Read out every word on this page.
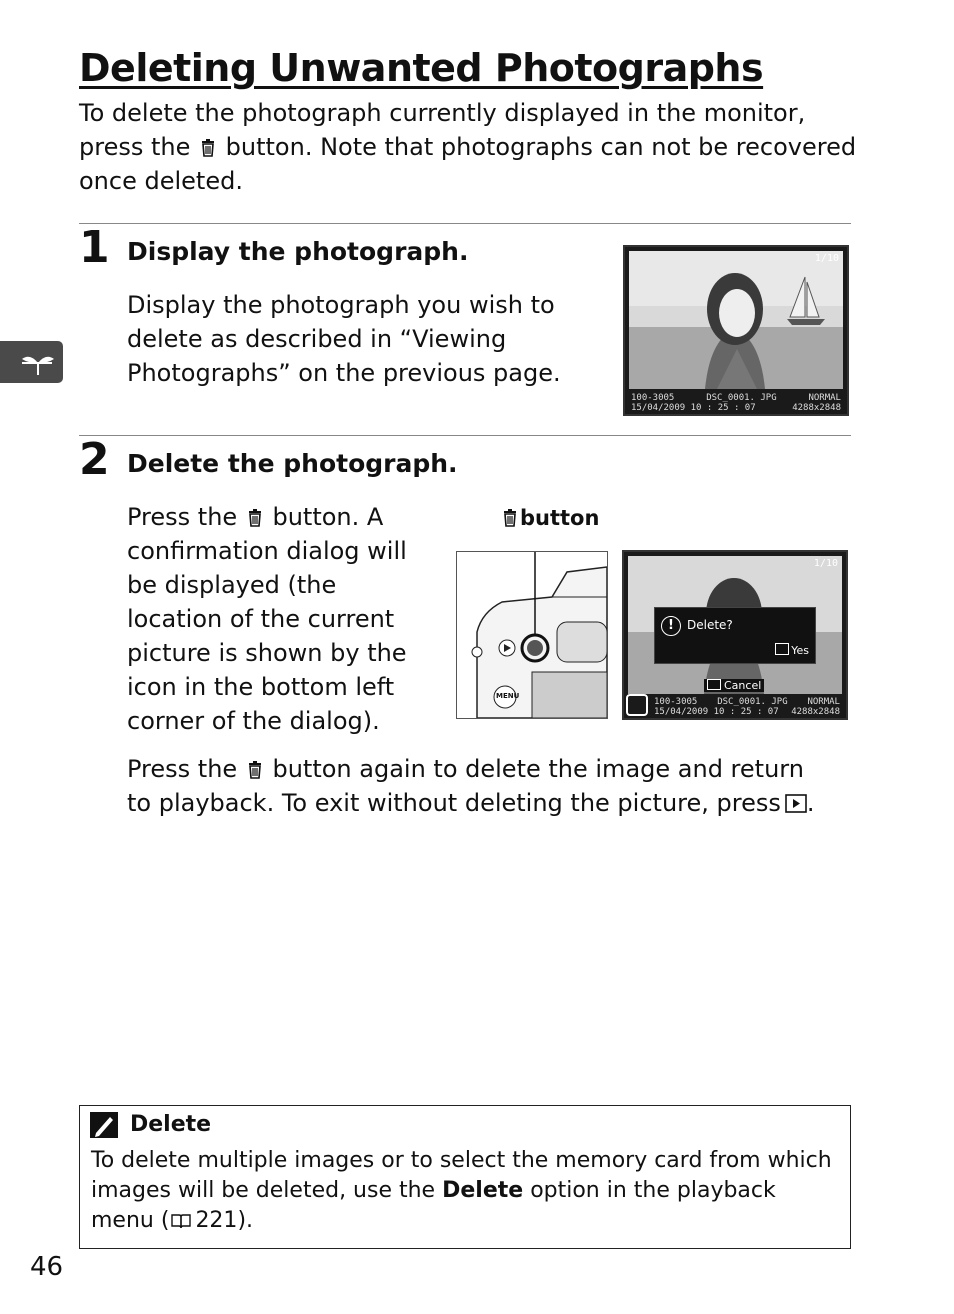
Deleting Unwanted Photographs

To delete the photograph currently displayed in the monitor, press the button. Note that photographs can not be recovered once deleted.

1 Display the photograph.

Display the photograph you wish to delete as described in “Viewing Photographs” on the previous page.

1/10
100-3005	DSC_0001. JPG	NORMAL
15/04/2009 10 : 25 : 07	4288x2848
2 Delete the photograph.

Press the button. A confirmation dialog will be displayed (the location of the current picture is shown by the icon in the bottom left corner of the dialog).

button
MENU
1/10
!	Delete?
Yes
Cancel
100-3005 DSC_0001. JPG NORMAL
15/04/2009 10 : 25 : 07 4288x2848

Press the button again to delete the image and return to playback. To exit without deleting the picture, press .

Delete

To delete multiple images or to select the memory card from which images will be deleted, use the Delete option in the playback menu ( 221).

46
